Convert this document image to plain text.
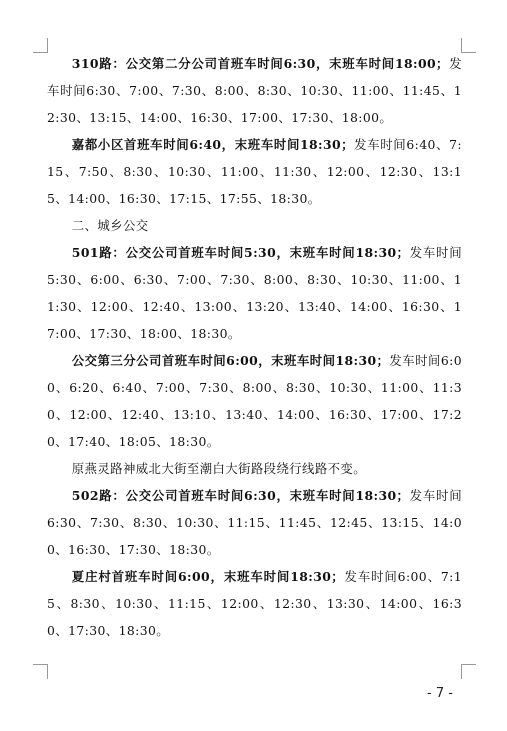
310路：公交第二分公司首班车时间6:30，末班车时间18:00；发车时间6:30、7:00、7:30、8:00、8:30、10:30、11:00、11:45、12:30、13:15、14:00、16:30、17:00、17:30、18:00。

嘉都小区首班车时间6:40，末班车时间18:30；发车时间6:40、7:15、7:50、8:30、10:30、11:00、11:30、12:00、12:30、13:15、14:00、16:30、17:15、17:55、18:30。

二、城乡公交

501路：公交公司首班车时间5:30，末班车时间18:30；发车时间5:30、6:00、6:30、7:00、7:30、8:00、8:30、10:30、11:00、11:30、12:00、12:40、13:00、13:20、13:40、14:00、16:30、17:00、17:30、18:00、18:30。

公交第三分公司首班车时间6:00，末班车时间18:30；发车时间6:00、6:20、6:40、7:00、7:30、8:00、8:30、10:30、11:00、11:30、12:00、12:40、13:10、13:40、14:00、16:30、17:00、17:20、17:40、18:05、18:30。

原燕灵路神威北大街至潮白大街路段绕行线路不变。

502路：公交公司首班车时间6:30，末班车时间18:30；发车时间6:30、7:30、8:30、10:30、11:15、11:45、12:45、13:15、14:00、16:30、17:30、18:30。

夏庄村首班车时间6:00，末班车时间18:30；发车时间6:00、7:15、8:30、10:30、11:15、12:00、12:30、13:30、14:00、16:30、17:30、18:30。

- 7 -
